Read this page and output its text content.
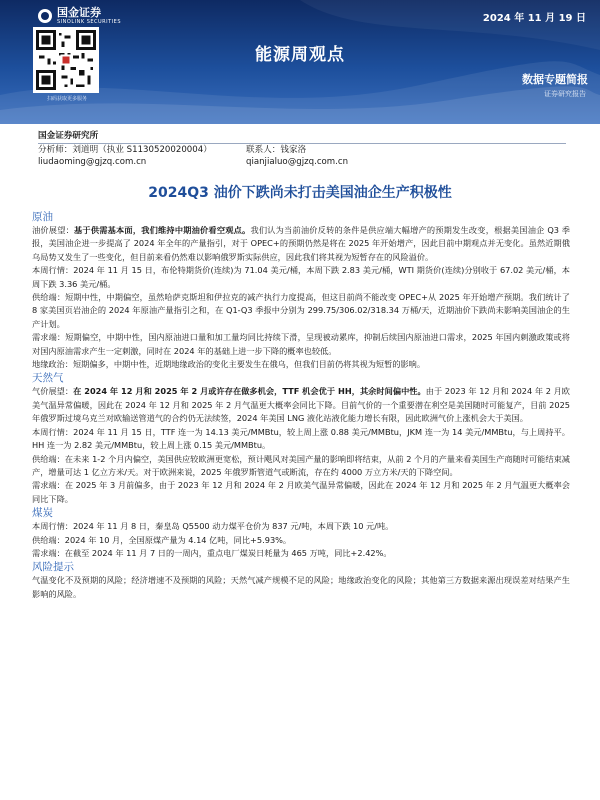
国金证券
SINOLINK SECURITIES	2024 年 11 月 19 日
扫码获取更多服务
能源周观点
数据专题简报
证券研究报告
国金证券研究所
分析师：刘道明（执业 S1130520020004）	联系人：钱家洛
liudaoming@gjzq.com.cn	qianjialuo@gjzq.com.cn
2024Q3 油价下跌尚未打击美国油企生产积极性
原油

油价展望：基于供需基本面，我们维持中期油价看空观点。我们认为当前油价反转的条件是供应端大幅增产的预期发生改变，根据美国油企 Q3 季报，美国油企进一步提高了 2024 年全年的产量指引，对于 OPEC+的预期仍然是将在 2025 年开始增产，因此目前中期观点并无变化。虽然近期俄乌局势又发生了一些变化，但目前来看仍然难以影响俄罗斯实际供应，因此我们将其视为短暂存在的风险溢价。

本周行情：2024 年 11 月 15 日，布伦特期货价(连续)为 71.04 美元/桶，本周下跌 2.83 美元/桶，WTI 期货价(连续)分别收于 67.02 美元/桶，本周下跌 3.36 美元/桶。

供给端：短期中性，中期偏空，虽然哈萨克斯坦和伊拉克的减产执行力度提高，但这目前尚不能改变 OPEC+从 2025 年开始增产预期。我们统计了 8 家美国页岩油企的 2024 年原油产量指引之和，在 Q1-Q3 季报中分别为 299.75/306.02/318.34 万桶/天，近期油价下跌尚未影响美国油企的生产计划。

需求端：短期偏空，中期中性，国内原油进口量和加工量均同比持续下滑，呈现被动累库，抑制后续国内原油进口需求，2025 年国内刺激政策或将对国内原油需求产生一定刺激，同时在 2024 年的基础上进一步下降的概率也较低。

地缘政治：短期偏多，中期中性，近期地缘政治的变化主要发生在俄乌，但我们目前仍将其视为短暂的影响。

天然气

气价展望：在 2024 年 12 月和 2025 年 2 月或许存在做多机会，TTF 机会优于 HH，其余时间偏中性。由于 2023 年 12 月和 2024 年 2 月欧美气温异常偏暖，因此在 2024 年 12 月和 2025 年 2 月气温更大概率会同比下降。目前气价的一个重要潜在利空是美国随时可能复产，目前 2025 年俄罗斯过境乌克兰对欧输送管道气的合约仍无法续签，2024 年美国 LNG 液化站液化能力增长有限，因此欧洲气价上涨机会大于美国。

本周行情：2024 年 11 月 15 日，TTF 连一为 14.13 美元/MMBtu，较上周上涨 0.88 美元/MMBtu，JKM 连一为 14 美元/MMBtu，与上周持平。HH 连一为 2.82 美元/MMBtu，较上周上涨 0.15 美元/MMBtu。

供给端：在未来 1-2 个月内偏空，美国供应较欧洲更宽松，预计飓风对美国产量的影响即将结束，从前 2 个月的产量来看美国生产商随时可能结束减产，增量可达 1 亿立方米/天。对于欧洲来说，2025 年俄罗斯管道气或断流，存在约 4000 万立方米/天的下降空间。

需求端：在 2025 年 3 月前偏多，由于 2023 年 12 月和 2024 年 2 月欧美气温异常偏暖，因此在 2024 年 12 月和 2025 年 2 月气温更大概率会同比下降。

煤炭

本周行情：2024 年 11 月 8 日，秦皇岛 Q5500 动力煤平仓价为 837 元/吨，本周下跌 10 元/吨。

供给端：2024 年 10 月，全国原煤产量为 4.14 亿吨，同比+5.93%。

需求端：在截至 2024 年 11 月 7 日的一周内，重点电厂煤炭日耗量为 465 万吨，同比+2.42%。

风险提示

气温变化不及预期的风险；经济增速不及预期的风险；天然气减产规模不足的风险；地缘政治变化的风险；其他第三方数据来源出现误差对结果产生影响的风险。
